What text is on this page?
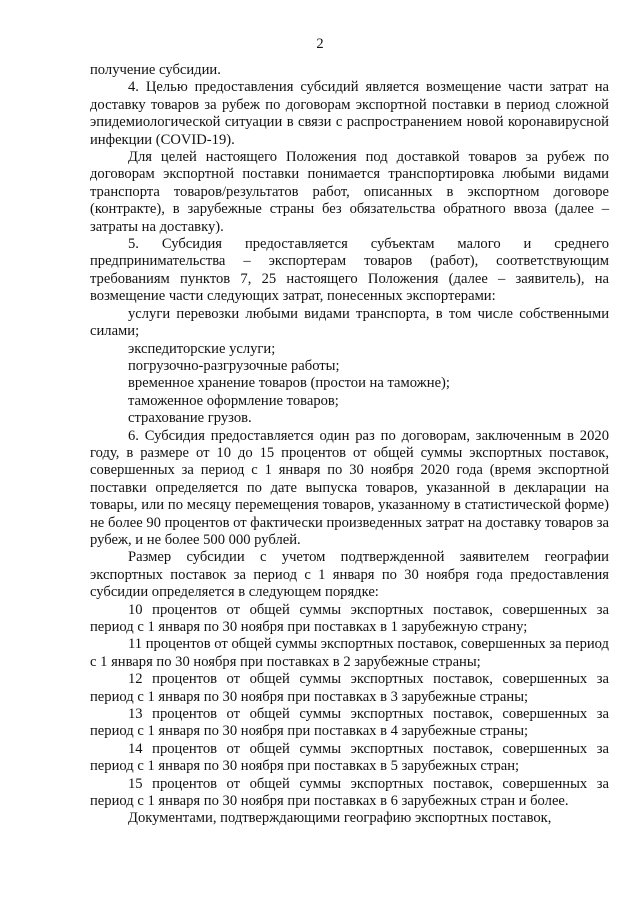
2

получение субсидии.

4. Целью предоставления субсидий является возмещение части затрат на доставку товаров за рубеж по договорам экспортной поставки в период сложной эпидемиологической ситуации в связи с распространением новой коронавирусной инфекции (COVID-19).

Для целей настоящего Положения под доставкой товаров за рубеж по договорам экспортной поставки понимается транспортировка любыми видами транспорта товаров/результатов работ, описанных в экспортном договоре (контракте), в зарубежные страны без обязательства обратного ввоза (далее – затраты на доставку).

5. Субсидия предоставляется субъектам малого и среднего предпринимательства – экспортерам товаров (работ), соответствующим требованиям пунктов 7, 25 настоящего Положения (далее – заявитель), на возмещение части следующих затрат, понесенных экспортерами:

услуги перевозки любыми видами транспорта, в том числе собственными силами;

экспедиторские услуги;

погрузочно-разгрузочные работы;

временное хранение товаров (простои на таможне);

таможенное оформление товаров;

страхование грузов.

6. Субсидия предоставляется один раз по договорам, заключенным в 2020 году, в размере от 10 до 15 процентов от общей суммы экспортных поставок, совершенных за период с 1 января по 30 ноября 2020 года (время экспортной поставки определяется по дате выпуска товаров, указанной в декларации на товары, или по месяцу перемещения товаров, указанному в статистической форме) не более 90 процентов от фактически произведенных затрат на доставку товаров за рубеж, и не более 500 000 рублей.

Размер субсидии с учетом подтвержденной заявителем географии экспортных поставок за период с 1 января по 30 ноября года предоставления субсидии определяется в следующем порядке:

10 процентов от общей суммы экспортных поставок, совершенных за период с 1 января по 30 ноября при поставках в 1 зарубежную страну;

11 процентов от общей суммы экспортных поставок, совершенных за период с 1 января по 30 ноября при поставках в 2 зарубежные страны;

12 процентов от общей суммы экспортных поставок, совершенных за период с 1 января по 30 ноября при поставках в 3 зарубежные страны;

13 процентов от общей суммы экспортных поставок, совершенных за период с 1 января по 30 ноября при поставках в 4 зарубежные страны;

14 процентов от общей суммы экспортных поставок, совершенных за период с 1 января по 30 ноября при поставках в 5 зарубежных стран;

15 процентов от общей суммы экспортных поставок, совершенных за период с 1 января по 30 ноября при поставках в 6 зарубежных стран и более.

Документами, подтверждающими географию экспортных поставок,
